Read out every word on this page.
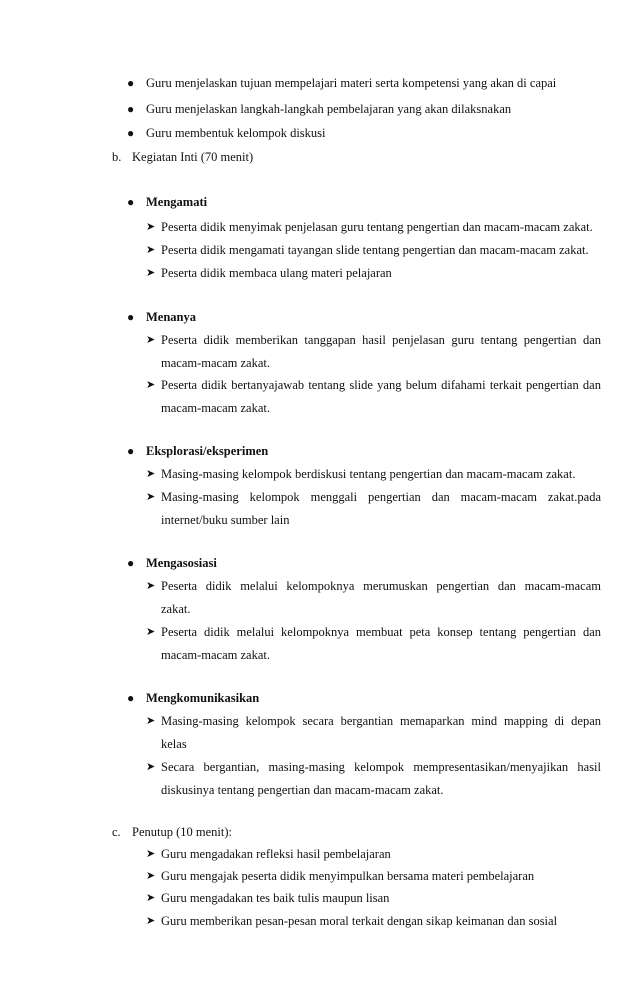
● Guru menjelaskan tujuan mempelajari materi serta kompetensi yang akan di capai
● Guru menjelaskan langkah-langkah pembelajaran yang akan dilaksnakan
● Guru membentuk kelompok diskusi
b. Kegiatan Inti (70 menit)
● Mengamati
➤ Peserta didik menyimak penjelasan guru tentang pengertian dan macam-macam zakat.
➤ Peserta didik mengamati tayangan slide tentang pengertian dan macam-macam zakat.
➤ Peserta didik membaca ulang materi pelajaran
● Menanya
➤ Peserta didik memberikan tanggapan hasil penjelasan guru tentang pengertian dan
macam-macam zakat.
➤ Peserta didik bertanyajawab tentang slide yang belum difahami terkait pengertian dan
macam-macam zakat.
● Eksplorasi/eksperimen
➤ Masing-masing kelompok berdiskusi tentang pengertian dan macam-macam zakat.
➤ Masing-masing kelompok menggali pengertian dan macam-macam zakat.pada
internet/buku sumber lain
● Mengasosiasi
➤ Peserta didik melalui kelompoknya merumuskan pengertian dan macam-macam
zakat.
➤ Peserta didik melalui kelompoknya membuat peta konsep tentang pengertian dan
macam-macam zakat.
● Mengkomunikasikan
➤ Masing-masing kelompok secara bergantian memaparkan mind mapping di depan
kelas
➤ Secara bergantian, masing-masing kelompok mempresentasikan/menyajikan hasil
diskusinya tentang pengertian dan macam-macam zakat.
c. Penutup (10 menit):
➤ Guru mengadakan refleksi hasil pembelajaran
➤ Guru mengajak peserta didik menyimpulkan bersama materi pembelajaran
➤ Guru mengadakan tes baik tulis maupun lisan
➤ Guru memberikan pesan-pesan moral terkait dengan sikap keimanan dan sosial
